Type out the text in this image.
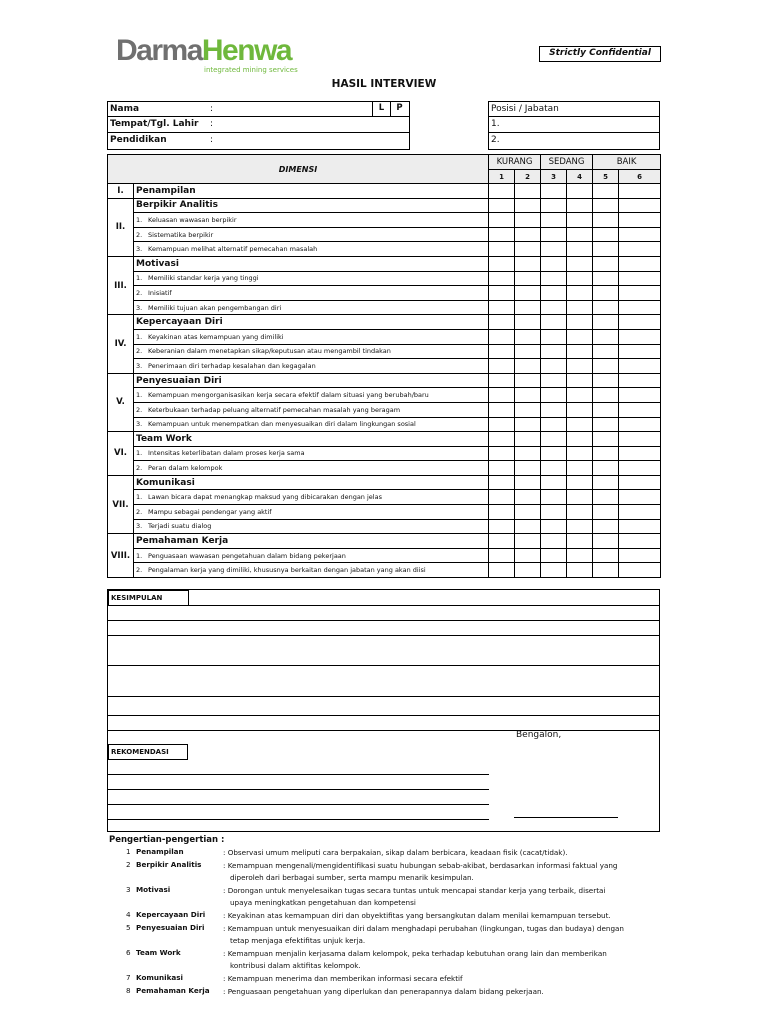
DarmaHenwa
integrated mining services
Strictly Confidential
HASIL INTERVIEW
Nama	:	L	P
Tempat/Tgl. Lahir :
Pendidikan	:
Posisi / Jabatan
1.
2.
DIMENSI		KURANG		SEDANG		BAIK	
		1	2	3	4	5	6
I.	Penampilan						
II.	Berpikir Analitis						
	1. Keluasan wawasan berpikir						
	2. Sistematika berpikir						
	3. Kemampuan melihat alternatif pemecahan masalah						
III.	Motivasi						
	1. Memiliki standar kerja yang tinggi						
	2. Inisiatif						
	3. Memiliki tujuan akan pengembangan diri						
IV.	Kepercayaan Diri						
	1. Keyakinan atas kemampuan yang dimiliki						
	2. Keberanian dalam menetapkan sikap/keputusan atau mengambil tindakan						
	3. Penerimaan diri terhadap kesalahan dan kegagalan						
V.	Penyesuaian Diri						
	1. Kemampuan mengorganisasikan kerja secara efektif dalam situasi yang berubah/baru						
	2. Keterbukaan terhadap peluang alternatif pemecahan masalah yang beragam						
	3. Kemampuan untuk menempatkan dan menyesuaikan diri dalam lingkungan sosial						
VI.	Team Work						
	1. Intensitas keterlibatan dalam proses kerja sama						
	2. Peran dalam kelompok						
VII.	Komunikasi						
	1. Lawan bicara dapat menangkap maksud yang dibicarakan dengan jelas						
	2. Mampu sebagai pendengar yang aktif						
	3. Terjadi suatu dialog						
VIII.	Pemahaman Kerja						
	1. Penguasaan wawasan pengetahuan dalam bidang pekerjaan						
	2. Pengalaman kerja yang dimiliki, khususnya berkaitan dengan jabatan yang akan diisi						
KESIMPULAN
Bengalon,
REKOMENDASI
Pengertian-pengertian :
1 Penampilan	: Observasi umum meliputi cara berpakaian, sikap dalam berbicara, keadaan fisik (cacat/tidak).
2 Berpikir Analitis	: Kemampuan mengenali/mengidentifikasi suatu hubungan sebab-akibat, berdasarkan informasi faktual yang
diperoleh dari berbagai sumber, serta mampu menarik kesimpulan.
3 Motivasi	: Dorongan untuk menyelesaikan tugas secara tuntas untuk mencapai standar kerja yang terbaik, disertai
upaya meningkatkan pengetahuan dan kompetensi
4 Kepercayaan Diri : Keyakinan atas kemampuan diri dan obyektifitas yang bersangkutan dalam menilai kemampuan tersebut.
5 Penyesuaian Diri	: Kemampuan untuk menyesuaikan diri dalam menghadapi perubahan (lingkungan, tugas dan budaya) dengan
tetap menjaga efektifitas unjuk kerja.
6 Team Work	: Kemampuan menjalin kerjasama dalam kelompok, peka terhadap kebutuhan orang lain dan memberikan
kontribusi dalam aktifitas kelompok.
7 Komunikasi	: Kemampuan menerima dan memberikan informasi secara efektif
8 Pemahaman Kerja : Penguasaan pengetahuan yang diperlukan dan penerapannya dalam bidang pekerjaan.
